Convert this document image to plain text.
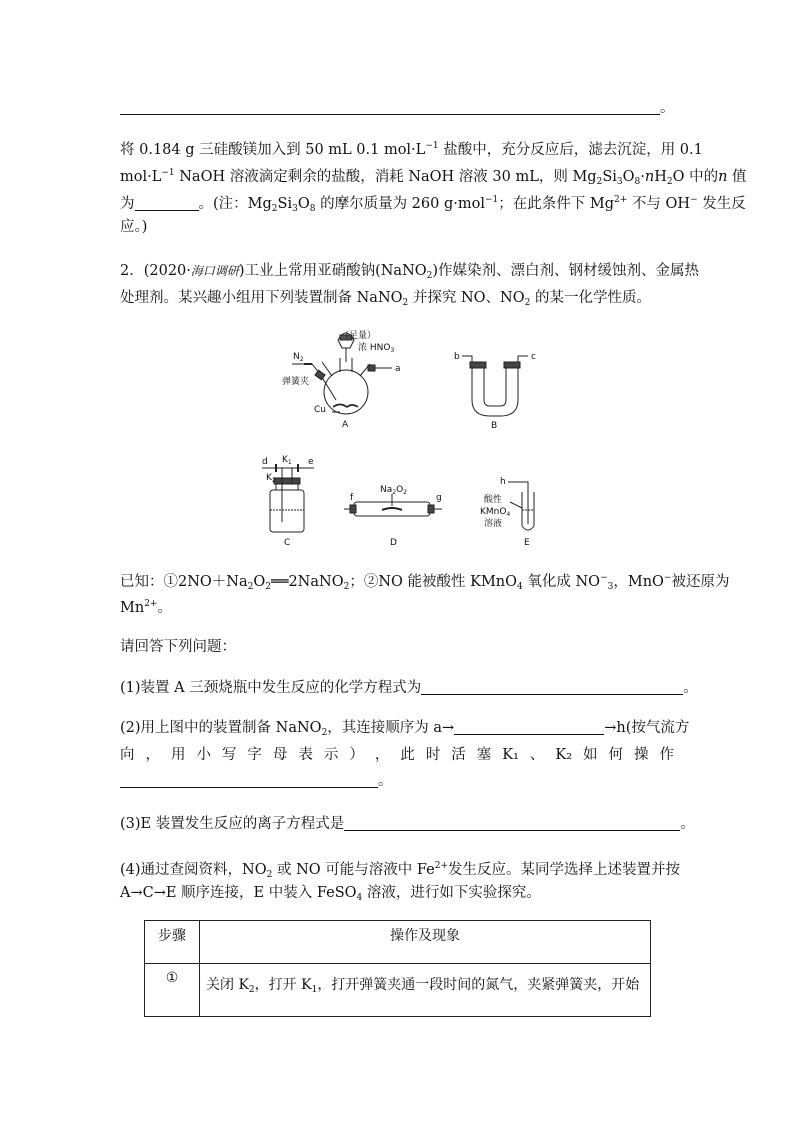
。
将 0.184 g 三硅酸镁加入到 50 mL 0.1 $mol\cdot L^{-1}$ 盐酸中，充分反应后，滤去沉淀，用 0.1
$mol\cdot L^{-1}$ NaOH 溶液滴定剩余的盐酸，消耗 NaOH 溶液 30 mL，则 $Mg_2Si_3O_8\cdot nH_2O$ 中的n 值
为	。(注：$Mg_2Si_3O_8$ 的摩尔质量为 260 g·mol$^{-1}$；在此条件下 $Mg^{2+}$ 不与 OH− 发生反
应。)
2．(2020·海口调研)工业上常用亚硝酸钠(NaNO$_2$)作媒染剂、漂白剂、钢材缓蚀剂、金属热
处理剂。某兴趣小组用下列装置制备 NaNO$_2$ 并探究 NO、$NO_2$ 的某一化学性质。
（足量）
浓 $HNO_3$
$N_2$
弹簧夹
Cu
a
A
b	c
B
d	e
$K_1$
$K_2$
C
$Na_2O_2$
f	g
D
h
酸性
KMnO$_4$
溶液
E
已知：$①2NO+Na_2O_2══2NaNO_2$；②NO 能被酸性 KMnO$_4$ 氧化成 $NO^-_3$，MnO−被还原为
$Mn^{2+}$。
请回答下列问题：
(1)装置 A 三颈烧瓶中发生反应的化学方程式为	。
(2)用上图中的装置制备 NaNO$_2$，其连接顺序为 a→	→h(按气流方
向 ， 用 小 写 字 母 表 示 ） ， 此 时 活 塞 K₁ 、 K₂ 如 何 操 作
。
(3)E 装置发生反应的离子方程式是	。
(4)通过查阅资料，$NO_2$ 或 NO 可能与溶液中 $Fe^{2+}$发生反应。某同学选择上述装置并按
A→C→E 顺序连接，E 中装入 FeSO$_4$ 溶液，进行如下实验探究。
步骤	操作及现象
①	关闭 $K_2$，打开 $K_1$，打开弹簧夹通一段时间的氮气，夹紧弹簧夹，开始
